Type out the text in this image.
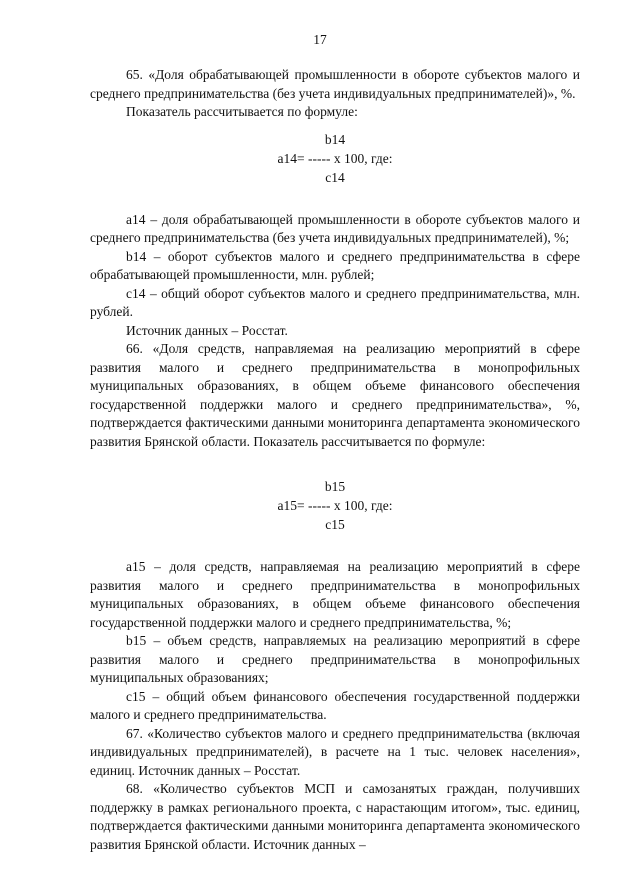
17

65. «Доля обрабатывающей промышленности в обороте субъектов малого и среднего предпринимательства (без учета индивидуальных предпринимателей)», %.

Показатель рассчитывается по формуле:

b14
a14= ----- х 100, где:
c14

a14 – доля обрабатывающей промышленности в обороте субъектов малого и среднего предпринимательства (без учета индивидуальных предпринимателей), %;

b14 – оборот субъектов малого и среднего предпринимательства в сфере обрабатывающей промышленности, млн. рублей;

c14 – общий оборот субъектов малого и среднего предпринимательства, млн. рублей.

Источник данных – Росстат.

66. «Доля средств, направляемая на реализацию мероприятий в сфере развития малого и среднего предпринимательства в монопрофильных муниципальных образованиях, в общем объеме финансового обеспечения государственной поддержки малого и среднего предпринимательства», %, подтверждается фактическими данными мониторинга департамента экономического развития Брянской области. Показатель рассчитывается по формуле:

b15
a15= ----- х 100, где:
c15

a15 – доля средств, направляемая на реализацию мероприятий в сфере развития малого и среднего предпринимательства в монопрофильных муниципальных образованиях, в общем объеме финансового обеспечения государственной поддержки малого и среднего предпринимательства, %;

b15 – объем средств, направляемых на реализацию мероприятий в сфере развития малого и среднего предпринимательства в монопрофильных муниципальных образованиях;

c15 – общий объем финансового обеспечения государственной поддержки малого и среднего предпринимательства.

67. «Количество субъектов малого и среднего предпринимательства (включая индивидуальных предпринимателей), в расчете на 1 тыс. человек населения», единиц. Источник данных – Росстат.

68. «Количество субъектов МСП и самозанятых граждан, получивших поддержку в рамках регионального проекта, с нарастающим итогом», тыс. единиц, подтверждается фактическими данными мониторинга департамента экономического развития Брянской области. Источник данных –
